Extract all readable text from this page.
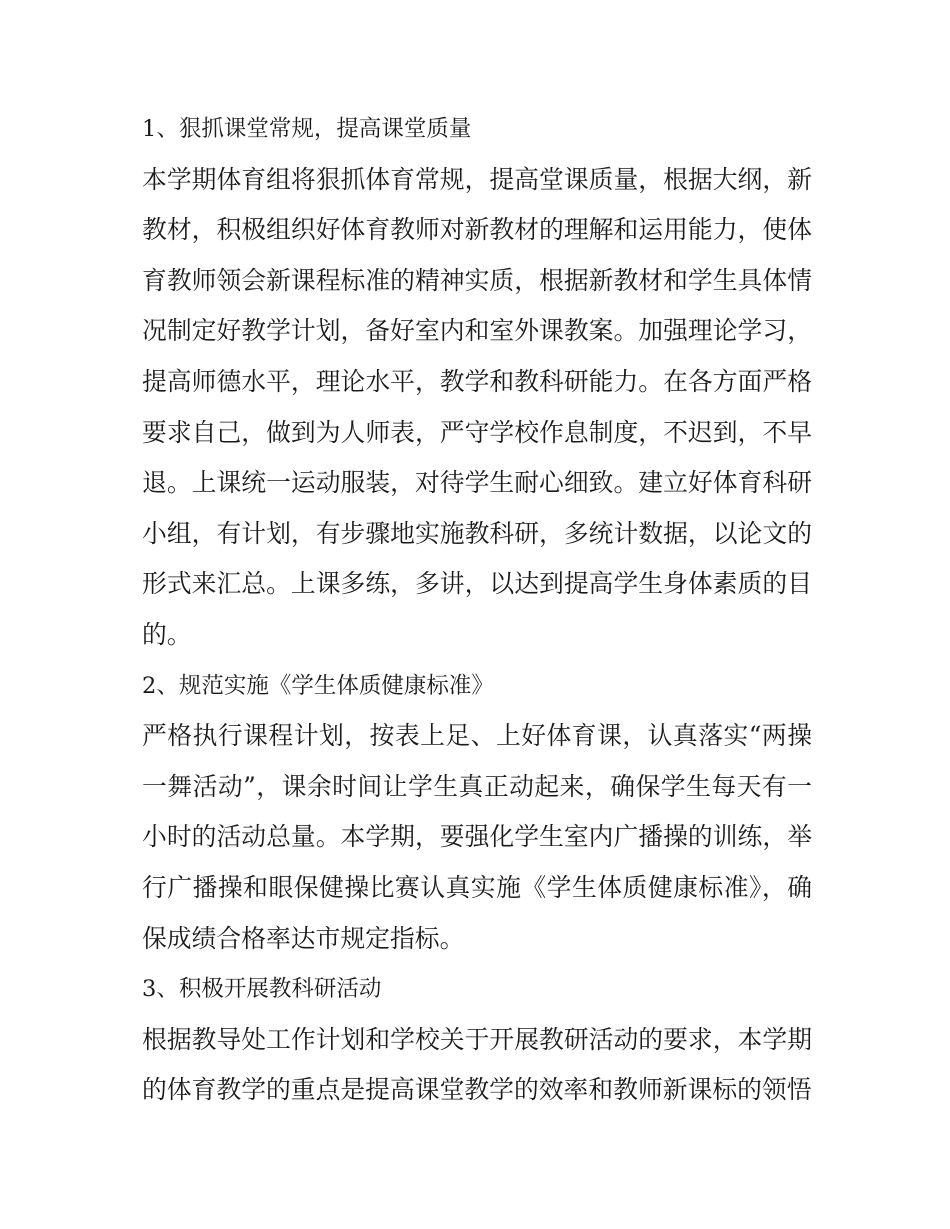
1、狠抓课堂常规，提高课堂质量

本学期体育组将狠抓体育常规，提高堂课质量，根据大纲，新教材，积极组织好体育教师对新教材的理解和运用能力，使体育教师领会新课程标准的精神实质，根据新教材和学生具体情况制定好教学计划，备好室内和室外课教案。加强理论学习，提高师德水平，理论水平，教学和教科研能力。在各方面严格要求自己，做到为人师表，严守学校作息制度，不迟到，不早退。上课统一运动服装，对待学生耐心细致。建立好体育科研小组，有计划，有步骤地实施教科研，多统计数据，以论文的形式来汇总。上课多练，多讲，以达到提高学生身体素质的目的。

2、规范实施《学生体质健康标准》

严格执行课程计划，按表上足、上好体育课，认真落实“两操一舞活动”，课余时间让学生真正动起来，确保学生每天有一小时的活动总量。本学期，要强化学生室内广播操的训练，举行广播操和眼保健操比赛认真实施《学生体质健康标准》，确保成绩合格率达市规定指标。

3、积极开展教科研活动

根据教导处工作计划和学校关于开展教研活动的要求，本学期的体育教学的重点是提高课堂教学的效率和教师新课标的领悟
